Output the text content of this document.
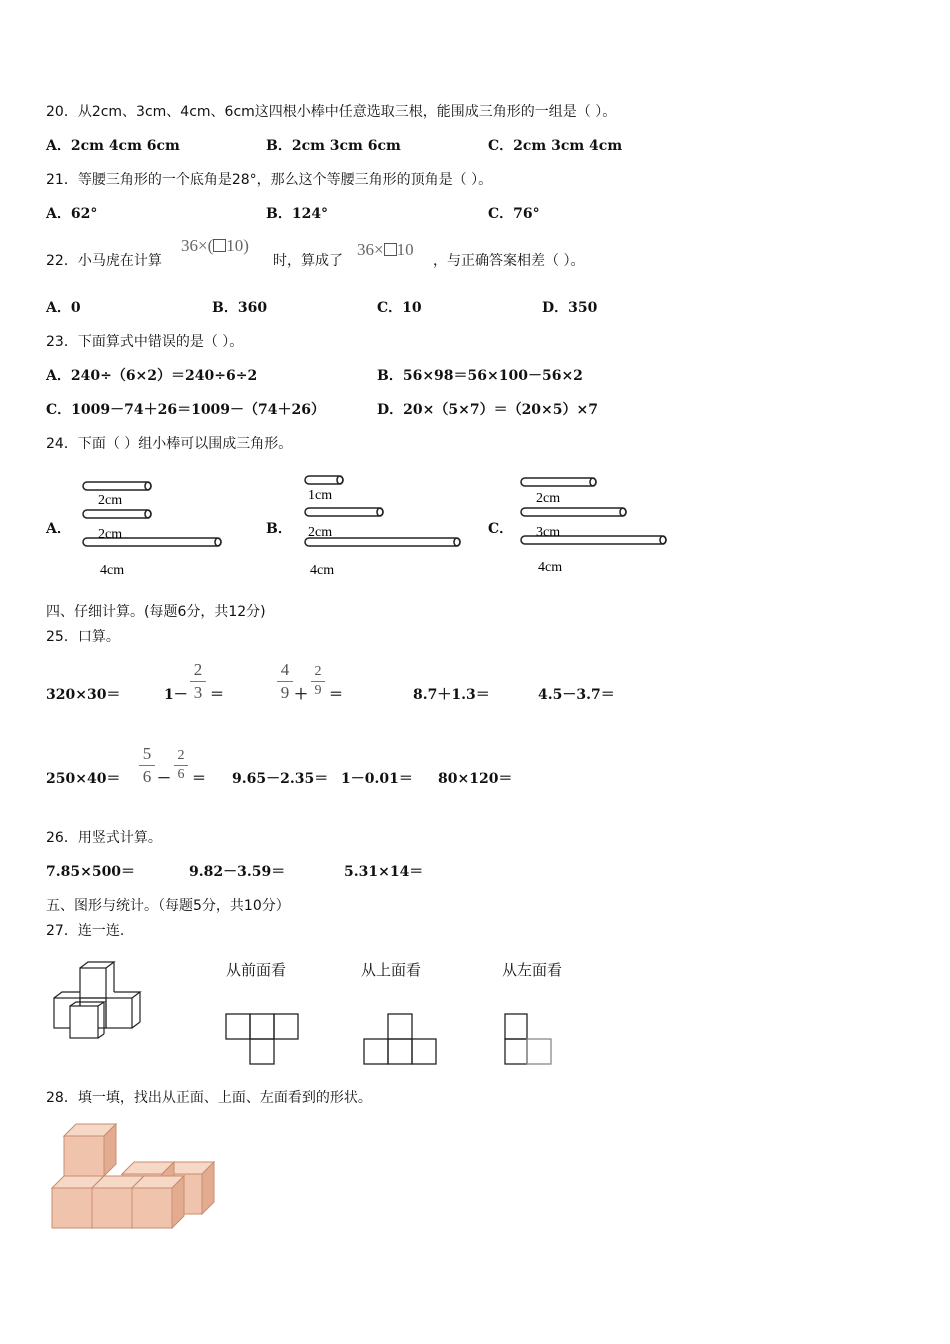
20．从2cm、3cm、4cm、6cm这四根小棒中任意选取三根，能围成三角形的一组是（ ）。
A．2cm 4cm 6cm	B．2cm 3cm 6cm	C．2cm 3cm 4cm
21．等腰三角形的一个底角是28°，那么这个等腰三角形的顶角是（ ）。
A．62°	B．124°	C．76°
22．小马虎在计算
36×( 10)
时，算成了
36× 10
，与正确答案相差（ ）。
A．0	B．360	C．10	D．350
23．下面算式中错误的是（ ）。
A．240÷（6×2）＝240÷6÷2	B．56×98＝56×100－56×2
C．1009－74＋26＝1009－（74＋26）	D．20×（5×7）＝（20×5）×7
24．下面（ ）组小棒可以围成三角形。
A．	B．	C．
2cm
2cm
4cm
1cm
2cm
4cm
2cm
3cm
4cm
四、仔细计算。(每题6分，共12分)
25．口算。
320×30＝	1－
2
3 ＝
4
9 ＋
2
9 ＝	8.7＋1.3＝	4.5－3.7＝
250×40＝
5
6 －
2
6 ＝ 9.65－2.35＝ 1－0.01＝ 80×120＝
26．用竖式计算。
7.85×500＝	9.82－3.59＝	5.31×14＝
五、图形与统计。（每题5分，共10分）
27．连一连.
从前面看	从上面看	从左面看
28．填一填，找出从正面、上面、左面看到的形状。
